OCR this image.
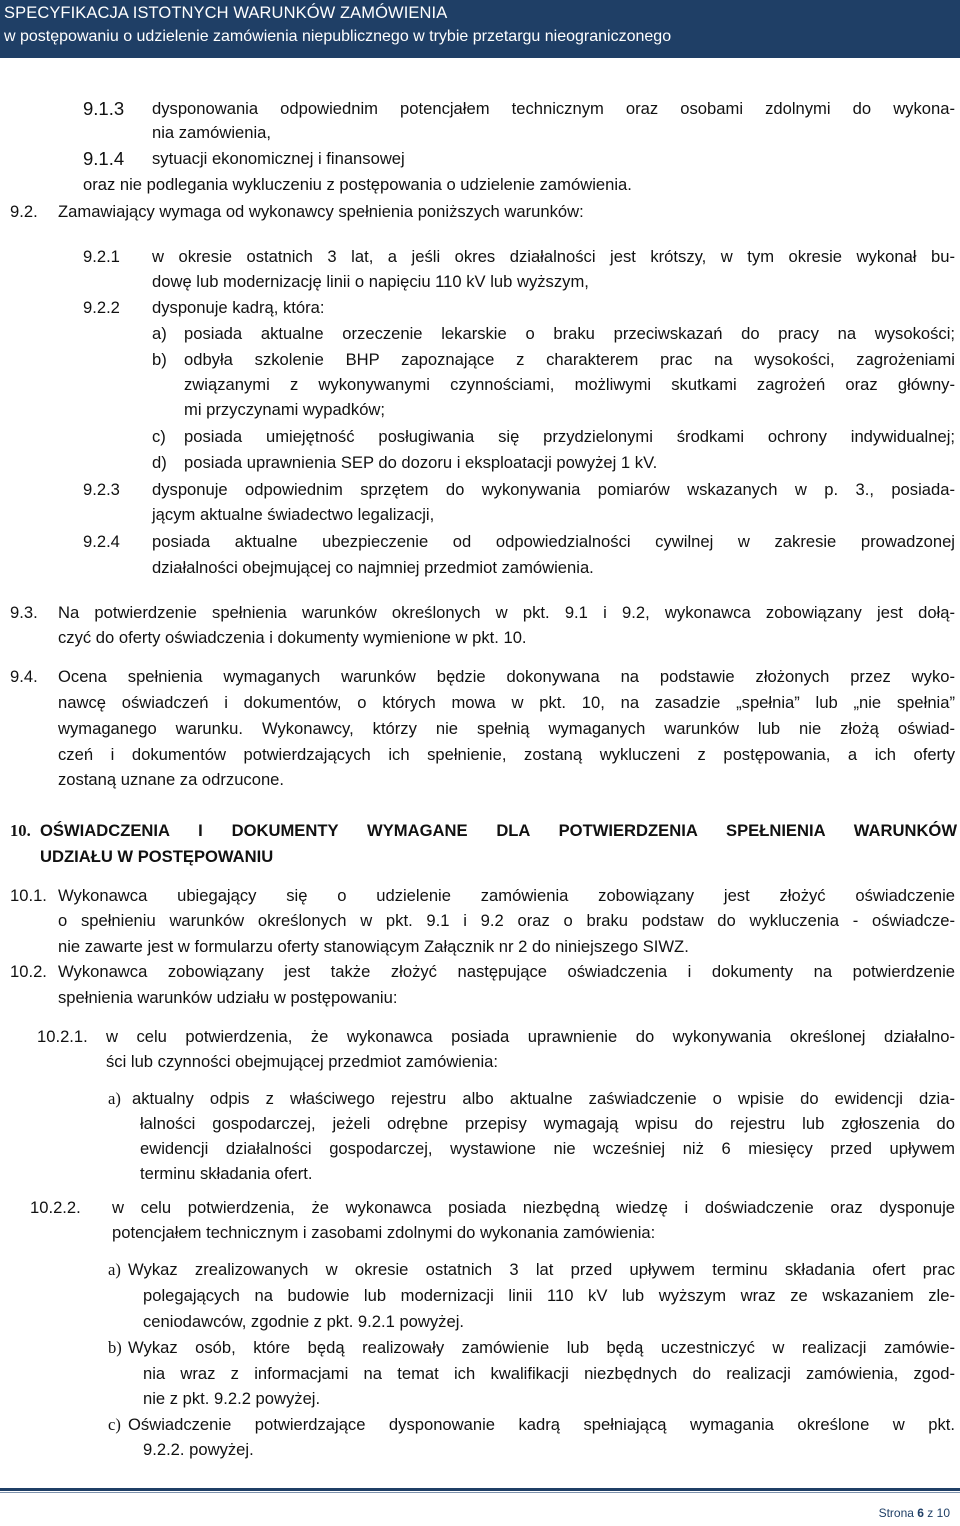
SPECYFIKACJA ISTOTNYCH WARUNKÓW ZAMÓWIENIA
w postępowaniu o udzielenie zamówienia niepublicznego w trybie przetargu nieograniczonego
9.1.3 dysponowania odpowiednim potencjałem technicznym oraz osobami zdolnymi do wykona-
nia zamówienia,
9.1.4 sytuacji ekonomicznej i finansowej
oraz nie podlegania wykluczeniu z postępowania o udzielenie zamówienia.
9.2. Zamawiający wymaga od wykonawcy spełnienia poniższych warunków:
9.2.1 w okresie ostatnich 3 lat, a jeśli okres działalności jest krótszy, w tym okresie wykonał bu-
dowę lub modernizację linii o napięciu 110 kV lub wyższym,
9.2.2 dysponuje kadrą, która:
a) posiada aktualne orzeczenie lekarskie o braku przeciwskazań do pracy na wysokości;
b) odbyła szkolenie BHP zapoznające z charakterem prac na wysokości, zagrożeniami
związanymi z wykonywanymi czynnościami, możliwymi skutkami zagrożeń oraz główny-
mi przyczynami wypadków;
c) posiada umiejętność posługiwania się przydzielonymi środkami ochrony indywidualnej;
d) posiada uprawnienia SEP do dozoru i eksploatacji powyżej 1 kV.
9.2.3 dysponuje odpowiednim sprzętem do wykonywania pomiarów wskazanych w p. 3., posiada-
jącym aktualne świadectwo legalizacji,
9.2.4 posiada aktualne ubezpieczenie od odpowiedzialności cywilnej w zakresie prowadzonej
działalności obejmującej co najmniej przedmiot zamówienia.
9.3. Na potwierdzenie spełnienia warunków określonych w pkt. 9.1 i 9.2, wykonawca zobowiązany jest dołą-
czyć do oferty oświadczenia i dokumenty wymienione w pkt. 10.
9.4. Ocena spełnienia wymaganych warunków będzie dokonywana na podstawie złożonych przez wyko-
nawcę oświadczeń i dokumentów, o których mowa w pkt. 10, na zasadzie „spełnia” lub „nie spełnia”
wymaganego warunku. Wykonawcy, którzy nie spełnią wymaganych warunków lub nie złożą oświad-
czeń i dokumentów potwierdzających ich spełnienie, zostaną wykluczeni z postępowania, a ich oferty
zostaną uznane za odrzucone.
10. OŚWIADCZENIA I DOKUMENTY WYMAGANE DLA POTWIERDZENIA SPEŁNIENIA WARUNKÓW
UDZIAŁU W POSTĘPOWANIU
10.1. Wykonawca ubiegający się o udzielenie zamówienia zobowiązany jest złożyć oświadczenie
o spełnieniu warunków określonych w pkt. 9.1 i 9.2 oraz o braku podstaw do wykluczenia - oświadcze-
nie zawarte jest w formularzu oferty stanowiącym Załącznik nr 2 do niniejszego SIWZ.
10.2. Wykonawca zobowiązany jest także złożyć następujące oświadczenia i dokumenty na potwierdzenie
spełnienia warunków udziału w postępowaniu:
10.2.1. w celu potwierdzenia, że wykonawca posiada uprawnienie do wykonywania określonej działalno-
ści lub czynności obejmującej przedmiot zamówienia:
a) aktualny odpis z właściwego rejestru albo aktualne zaświadczenie o wpisie do ewidencji dzia-
łalności gospodarczej, jeżeli odrębne przepisy wymagają wpisu do rejestru lub zgłoszenia do
ewidencji działalności gospodarczej, wystawione nie wcześniej niż 6 miesięcy przed upływem
terminu składania ofert.
10.2.2. w celu potwierdzenia, że wykonawca posiada niezbędną wiedzę i doświadczenie oraz dysponuje
potencjałem technicznym i zasobami zdolnymi do wykonania zamówienia:
a) Wykaz zrealizowanych w okresie ostatnich 3 lat przed upływem terminu składania ofert prac
polegających na budowie lub modernizacji linii 110 kV lub wyższym wraz ze wskazaniem zle-
ceniodawców, zgodnie z pkt. 9.2.1 powyżej.
b) Wykaz osób, które będą realizowały zamówienie lub będą uczestniczyć w realizacji zamówie-
nia wraz z informacjami na temat ich kwalifikacji niezbędnych do realizacji zamówienia, zgod-
nie z pkt. 9.2.2 powyżej.
c) Oświadczenie potwierdzające dysponowanie kadrą spełniającą wymagania określone w pkt.
9.2.2. powyżej.
Strona 6 z 10
